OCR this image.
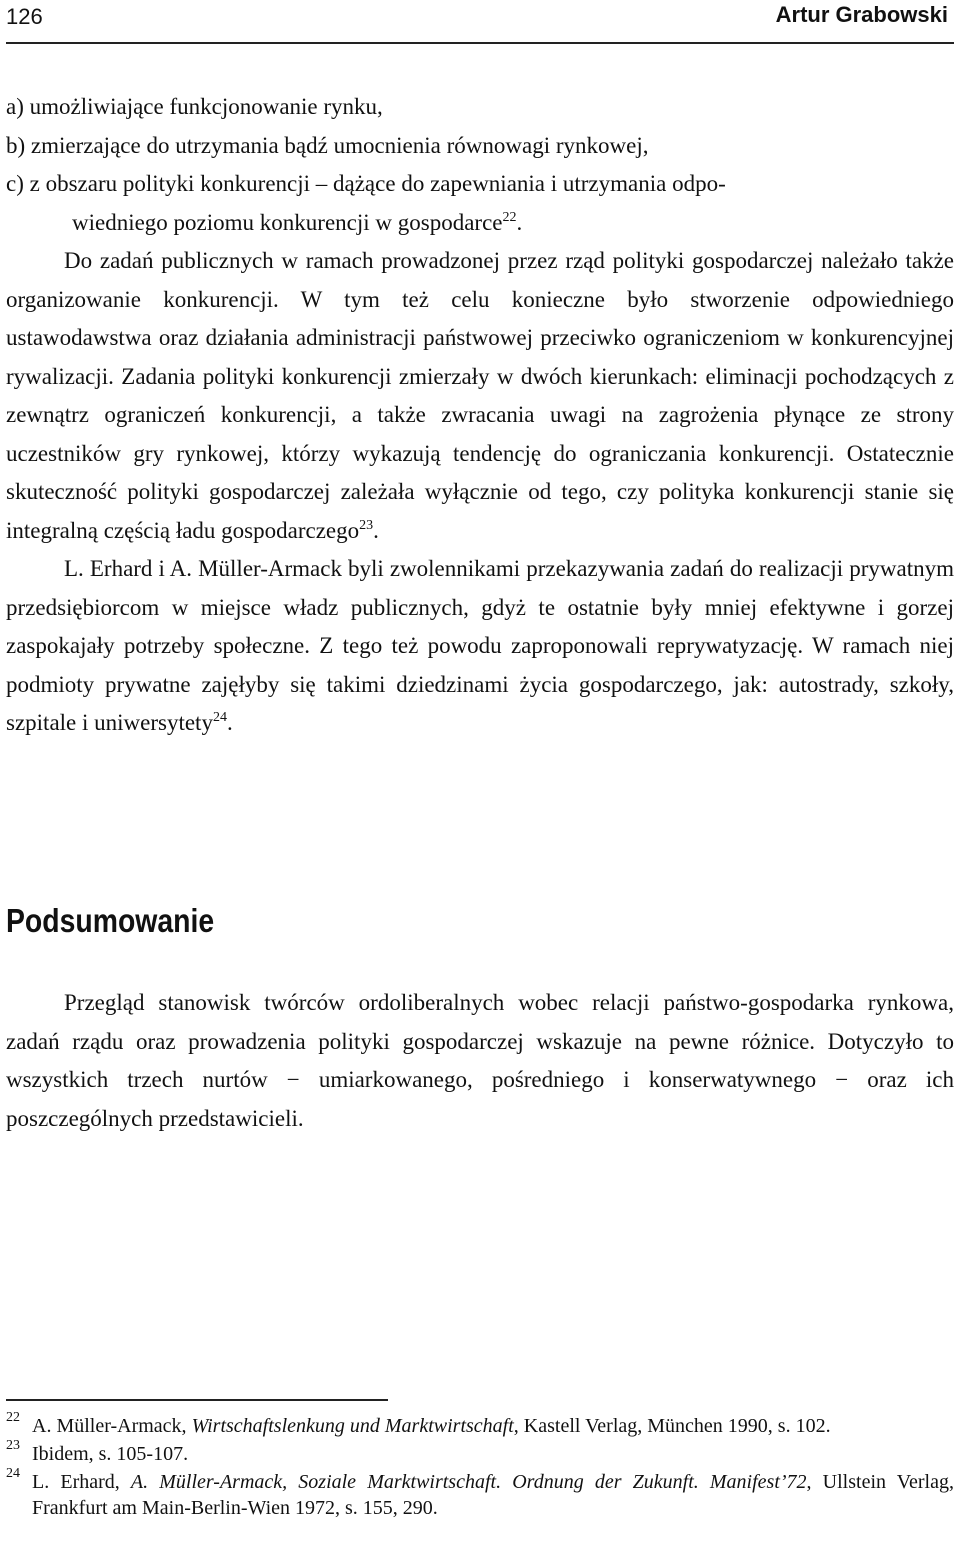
126	Artur Grabowski

a) umożliwiające funkcjonowanie rynku,

b) zmierzające do utrzymania bądź umocnienia równowagi rynkowej,

c) z obszaru polityki konkurencji – dążące do zapewniania i utrzymania odpo-

wiedniego poziomu konkurencji w gospodarce$^{22}$.

Do zadań publicznych w ramach prowadzonej przez rząd polityki gospodarczej należało także organizowanie konkurencji. W tym też celu konieczne było stworzenie odpowiedniego ustawodawstwa oraz działania administracji państwowej przeciwko ograniczeniom w konkurencyjnej rywalizacji. Zadania polityki konkurencji zmierzały w dwóch kierunkach: eliminacji pochodzących z zewnątrz ograniczeń konkurencji, a także zwracania uwagi na zagrożenia płynące ze strony uczestników gry rynkowej, którzy wykazują tendencję do ograniczania konkurencji. Ostatecznie skuteczność polityki gospodarczej zależała wyłącznie od tego, czy polityka konkurencji stanie się integralną częścią ładu gospodarczego$^{23}$.

L. Erhard i A. Müller-Armack byli zwolennikami przekazywania zadań do realizacji prywatnym przedsiębiorcom w miejsce władz publicznych, gdyż te ostatnie były mniej efektywne i gorzej zaspokajały potrzeby społeczne. Z tego też powodu zaproponowali reprywatyzację. W ramach niej podmioty prywatne zajęłyby się takimi dziedzinami życia gospodarczego, jak: autostrady, szkoły, szpitale i uniwersytety$^{24}$.

Podsumowanie

Przegląd stanowisk twórców ordoliberalnych wobec relacji państwo-gospodarka rynkowa, zadań rządu oraz prowadzenia polityki gospodarczej wskazuje na pewne różnice. Dotyczyło to wszystkich trzech nurtów − umiarkowanego, pośredniego i konserwatywnego − oraz ich poszczególnych przedstawicieli.

22 A. Müller-Armack, Wirtschaftslenkung und Marktwirtschaft, Kastell Verlag, München 1990, s. 102.

23 Ibidem, s. 105-107.

24 L. Erhard, A. Müller-Armack, Soziale Marktwirtschaft. Ordnung der Zukunft. Manifest’72, Ullstein Verlag, Frankfurt am Main-Berlin-Wien 1972, s. 155, 290.
